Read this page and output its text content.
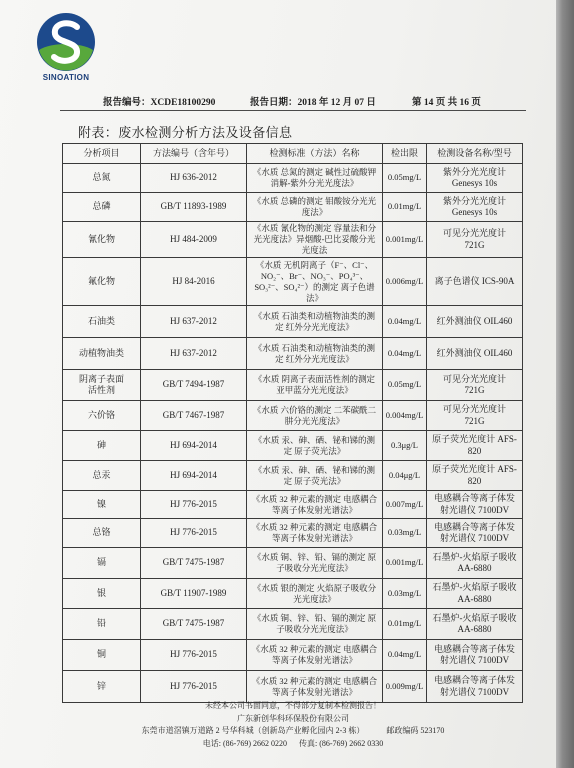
SINOATION
报告编号：XCDE18100290	报告日期：2018 年 12 月 07 日	第 14 页 共 16 页
附表：废水检测分析方法及设备信息
分析项目	方法编号（含年号）	检测标准（方法）名称	检出限	检测设备名称/型号
总氮	HJ 636-2012	《水质 总氮的测定 碱性过硫酸钾消解-紫外分光光度法》	0.05mg/L	紫外分光光度计 Genesys 10s
总磷	GB/T 11893-1989	《水质 总磷的测定 钼酸铵分光光度法》	0.01mg/L	紫外分光光度计 Genesys 10s
氰化物	HJ 484-2009	《水质 氰化物的测定 容量法和分光光度法》异烟酸-巴比妥酸分光光度法	0.001mg/L	可见分光光度计 721G
氟化物	HJ 84-2016	《水质 无机阴离子（F⁻、Cl⁻、NO₂⁻、Br⁻、NO₃⁻、PO₄³⁻、SO₃²⁻、SO₄²⁻）的测定 离子色谱法》	0.006mg/L	离子色谱仪 ICS-90A
石油类	HJ 637-2012	《水质 石油类和动植物油类的测定 红外分光光度法》	0.04mg/L	红外测油仪 OIL460
动植物油类	HJ 637-2012	《水质 石油类和动植物油类的测定 红外分光光度法》	0.04mg/L	红外测油仪 OIL460
阴离子表面活性剂	GB/T 7494-1987	《水质 阴离子表面活性剂的测定 亚甲蓝分光光度法》	0.05mg/L	可见分光光度计 721G
六价铬	GB/T 7467-1987	《水质 六价铬的测定 二苯碳酰二肼分光光度法》	0.004mg/L	可见分光光度计 721G
砷	HJ 694-2014	《水质 汞、砷、硒、铋和锑的测定 原子荧光法》	0.3μg/L	原子荧光光度计 AFS-820
总汞	HJ 694-2014	《水质 汞、砷、硒、铋和锑的测定 原子荧光法》	0.04μg/L	原子荧光光度计 AFS-820
镍	HJ 776-2015	《水质 32 种元素的测定 电感耦合等离子体发射光谱法》	0.007mg/L	电感耦合等离子体发射光谱仪 7100DV
总铬	HJ 776-2015	《水质 32 种元素的测定 电感耦合等离子体发射光谱法》	0.03mg/L	电感耦合等离子体发射光谱仪 7100DV
镉	GB/T 7475-1987	《水质 铜、锌、铅、镉的测定 原子吸收分光光度法》	0.001mg/L	石墨炉-火焰原子吸收 AA-6880
银	GB/T 11907-1989	《水质 银的测定 火焰原子吸收分光光度法》	0.03mg/L	石墨炉-火焰原子吸收 AA-6880
铅	GB/T 7475-1987	《水质 铜、锌、铅、镉的测定 原子吸收分光光度法》	0.01mg/L	石墨炉-火焰原子吸收 AA-6880
铜	HJ 776-2015	《水质 32 种元素的测定 电感耦合等离子体发射光谱法》	0.04mg/L	电感耦合等离子体发射光谱仪 7100DV
锌	HJ 776-2015	《水质 32 种元素的测定 电感耦合等离子体发射光谱法》	0.009mg/L	电感耦合等离子体发射光谱仪 7100DV
未经本公司书面同意，不得部分复制本检测报告！
广东新创华科环保股份有限公司
东莞市道滘镇万道路 2 号华科城（创新岛产业孵化园内 2-3 栋）	邮政编码 523170
电话: (86-769) 2662 0220 传真: (86-769) 2662 0330
